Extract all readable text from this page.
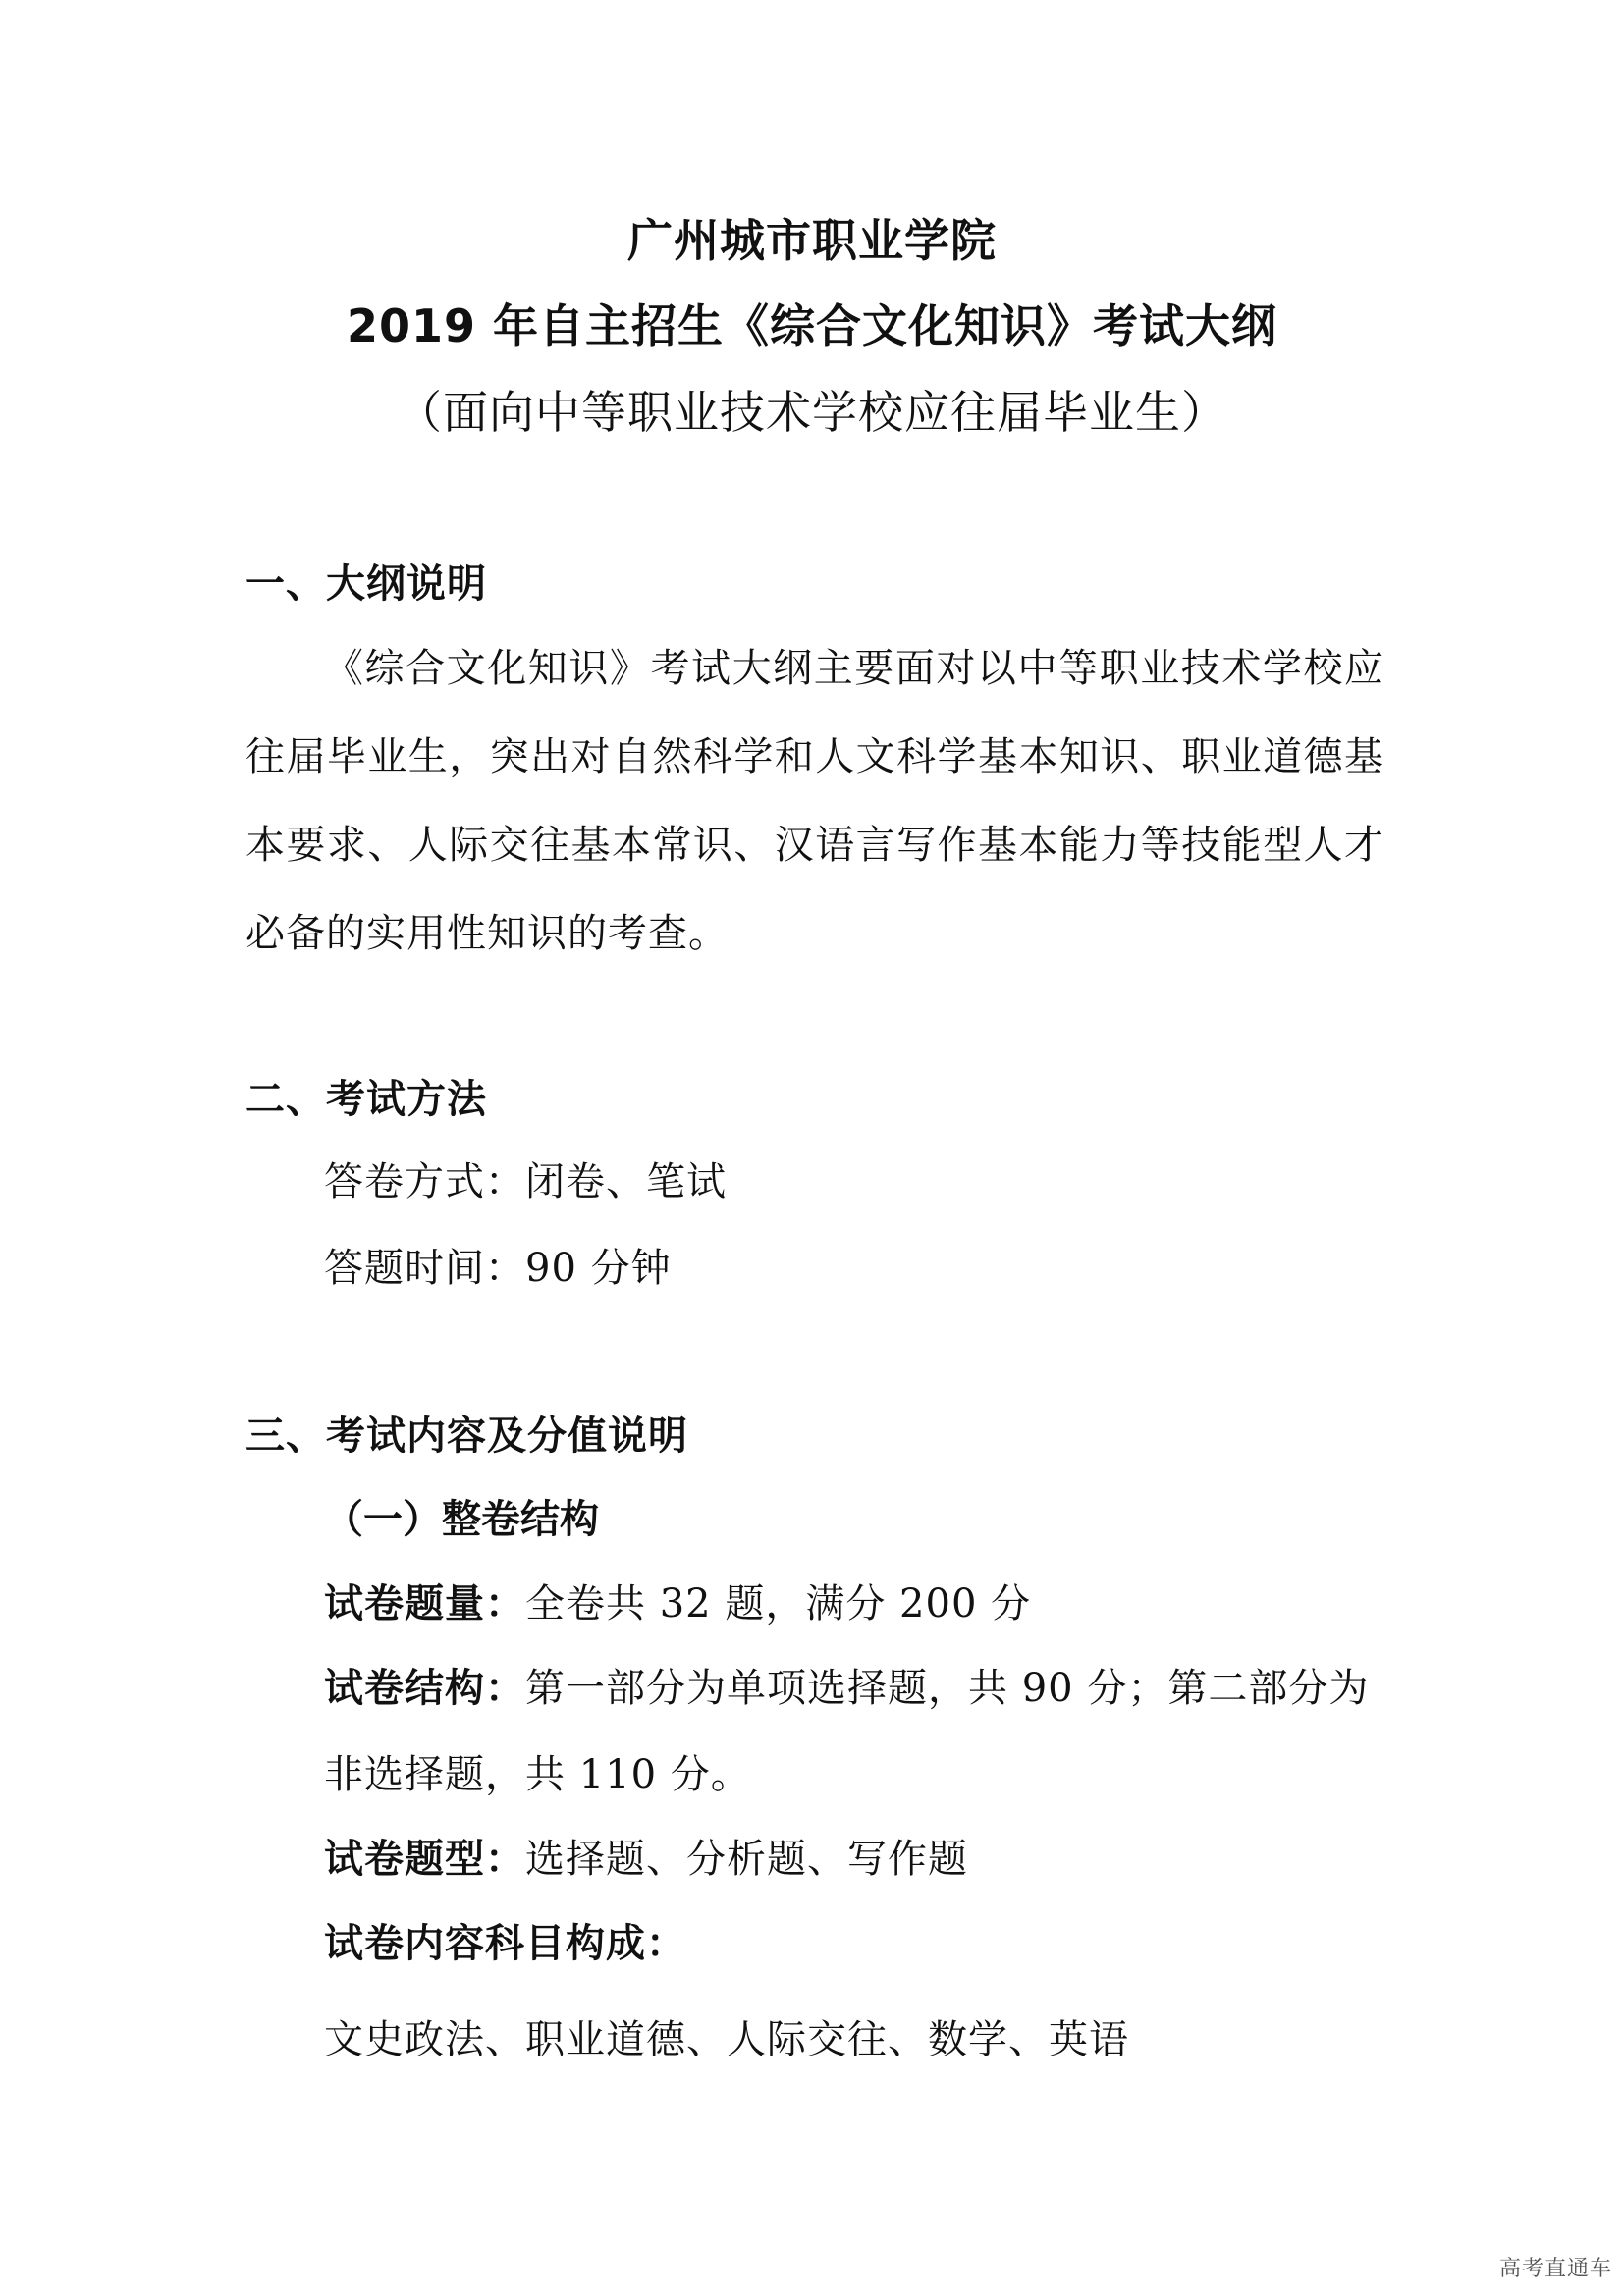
广州城市职业学院
2019 年自主招生《综合文化知识》考试大纲
（面向中等职业技术学校应往届毕业生）
一、大纲说明
《综合文化知识》考试大纲主要面对以中等职业技术学校应往届毕业生，突出对自然科学和人文科学基本知识、职业道德基本要求、人际交往基本常识、汉语言写作基本能力等技能型人才必备的实用性知识的考查。
二、考试方法
答卷方式：闭卷、笔试
答题时间：90 分钟
三、考试内容及分值说明
（一）整卷结构
试卷题量：全卷共 32 题，满分 200 分
试卷结构：第一部分为单项选择题，共 90 分；第二部分为非选择题，共 110 分。
试卷题型：选择题、分析题、写作题
试卷内容科目构成：
文史政法、职业道德、人际交往、数学、英语
高考直通车
